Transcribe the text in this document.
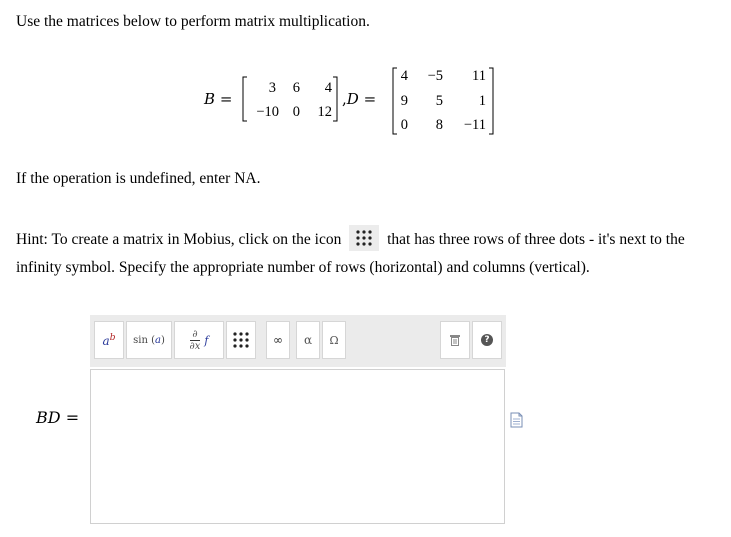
Use the matrices below to perform matrix multiplication.
B =
3	6	4
−10 0	12
,D =
4	−5	11
9	5	1
0	8	−11
If the operation is undefined, enter NA.
Hint: To create a matrix in Mobius, click on the icon	that has three rows of three dots - it's next to the infinity symbol. Specify the appropriate number of rows (horizontal) and columns (vertical).
$a^b$ sin (a)
∂
∂x f	∞ α Ω	?
BD =
